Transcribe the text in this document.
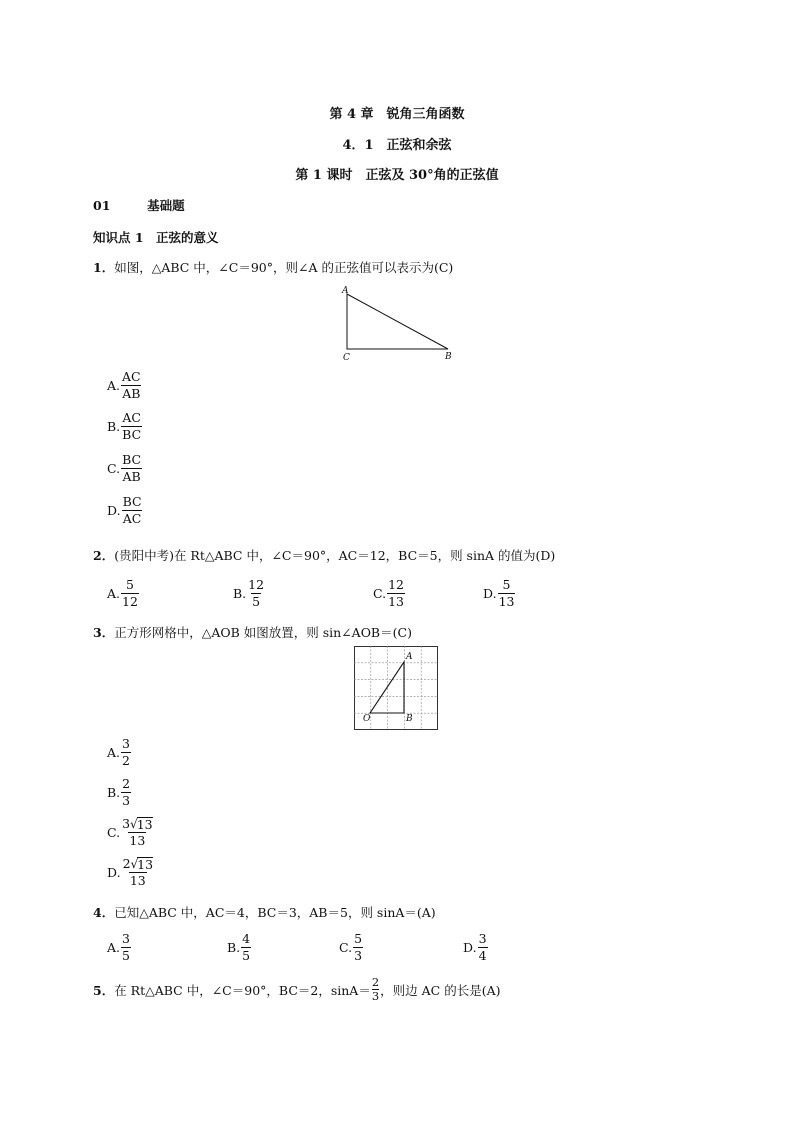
第 4 章　锐角三角函数
4．1　正弦和余弦
第 1 课时　正弦及 30°角的正弦值
01	基础题
知识点 1　正弦的意义
1．如图，△ABC 中，∠C＝90°，则∠A 的正弦值可以表示为(C)
A
C	B
A. $\frac{AC}{AB}$
B. $\frac{AC}{BC}$
C. $\frac{BC}{AB}$
D. $\frac{BC}{AC}$
2．(贵阳中考)在 Rt△ABC 中，∠C＝90°，AC＝12，BC＝5，则 sinA 的值为(D)
A. $\frac{5}{12}$	B. $\frac{12}{5}$	C. $\frac{12}{13}$	D. $\frac{5}{13}$
3．正方形网格中，△AOB 如图放置，则 sin∠AOB＝(C)
A
O	B
A. $\frac{3}{2}$
B. $\frac{2}{3}$
C. $\frac{3 √ 13}{13}$
D. $\frac{2 √ 13}{13}$
4．已知△ABC 中，AC＝4，BC＝3，AB＝5，则 sinA＝(A)
A. $\frac{3}{5}$	B. $\frac{4}{5}$	C. $\frac{5}{3}$	D. $\frac{3}{4}$
5． 在 Rt△ABC 中，∠C＝90°，BC＝2，$\sin A= \frac{2}{3}$ ，则边 AC 的长是(A)
